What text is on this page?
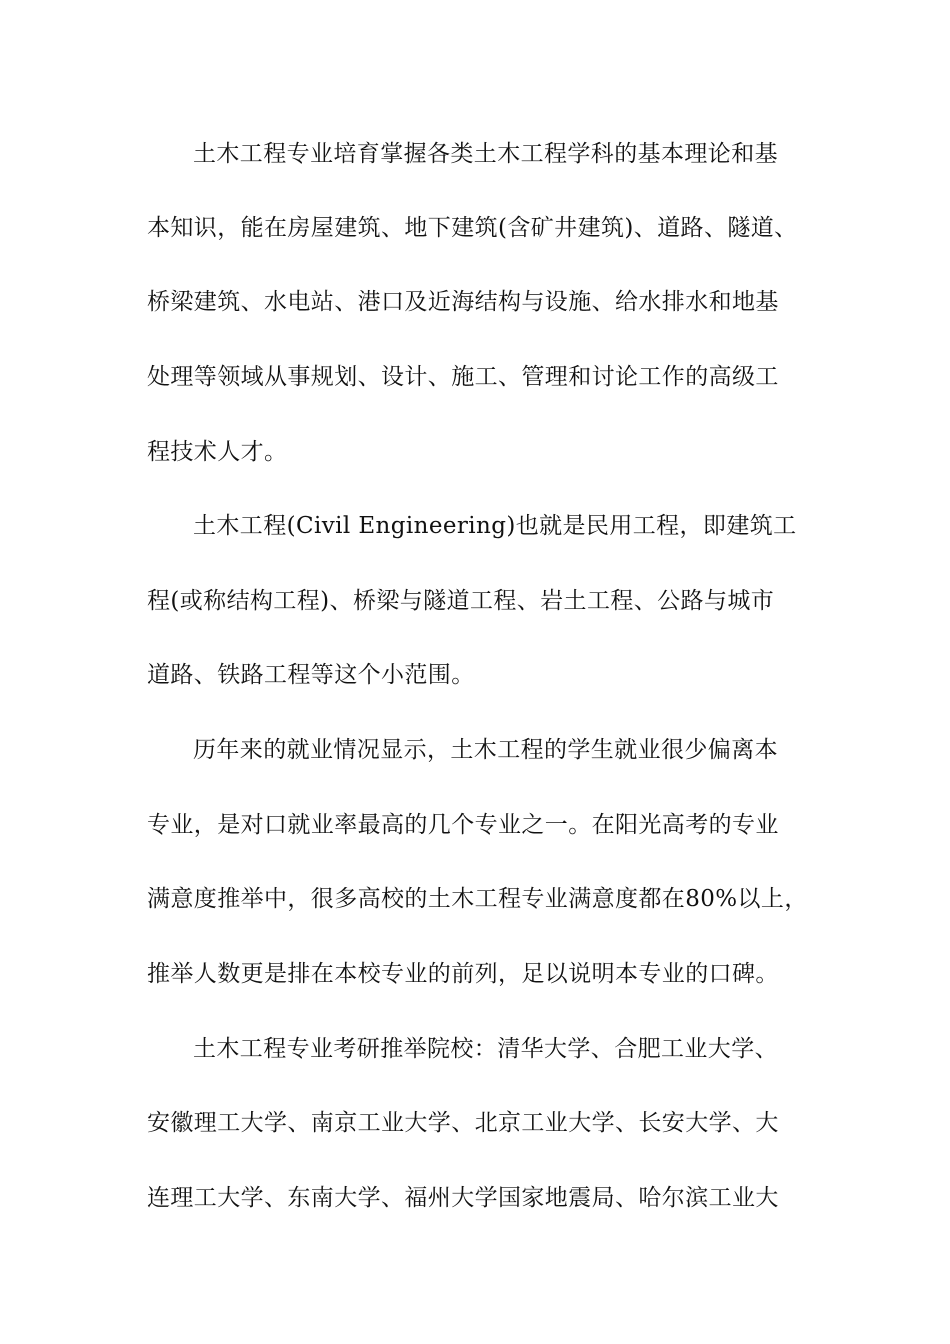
土木工程专业培育掌握各类土木工程学科的基本理论和基

本知识，能在房屋建筑、地下建筑(含矿井建筑)、道路、隧道、

桥梁建筑、水电站、港口及近海结构与设施、给水排水和地基

处理等领域从事规划、设计、施工、管理和讨论工作的高级工

程技术人才。

土木工程(Civil Engineering)也就是民用工程，即建筑工

程(或称结构工程)、桥梁与隧道工程、岩土工程、公路与城市

道路、铁路工程等这个小范围。

历年来的就业情况显示，土木工程的学生就业很少偏离本

专业，是对口就业率最高的几个专业之一。在阳光高考的专业

满意度推举中，很多高校的土木工程专业满意度都在80%以上，

推举人数更是排在本校专业的前列，足以说明本专业的口碑。

土木工程专业考研推举院校：清华大学、合肥工业大学、

安徽理工大学、南京工业大学、北京工业大学、长安大学、大

连理工大学、东南大学、福州大学国家地震局、哈尔滨工业大
